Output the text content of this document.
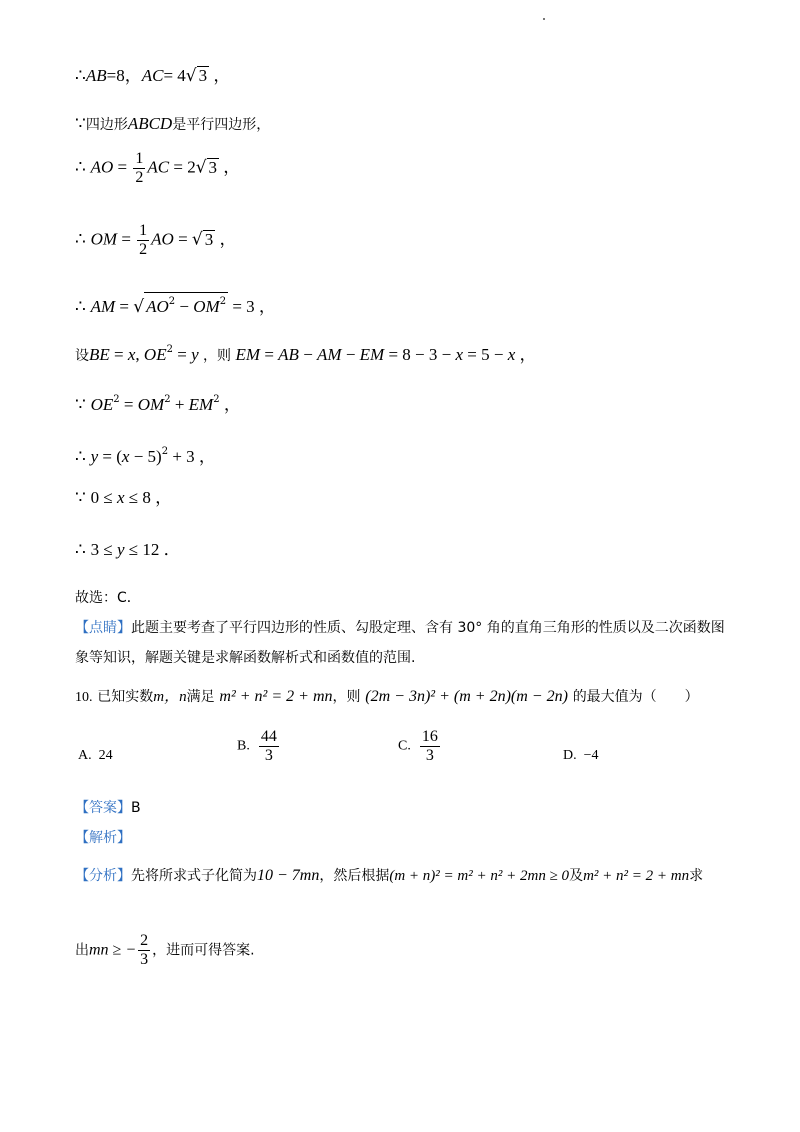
∴AB=8，AC= 4√ 3 ，
∵四边形ABCD是平行四边形，
∴ AO = $\frac{1}{2}$ AC = 2√ 3 ，
∴ OM = $\frac{1}{2}$ AO = √ 3 ，
∴ AM = √ $AO^2 - OM^2 = 3$ ，
设BE = x, $OE^2 = y$ ，则 EM = AB − AM − EM = 8 − 3 − x = 5 − x ，
∵ $OE^2 = OM^2 + EM^2$ ，
∴ $y = (x - 5)^2 + 3$ ，
∵ 0 ≤ x ≤ 8 ，
∴ 3 ≤ y ≤ 12 ．
故选：C．
【点睛】此题主要考查了平行四边形的性质、勾股定理、含有 30° 角的直角三角形的性质以及二次函数图
象等知识，解题关键是求解函数解析式和函数值的范围.
10. 已知实数m，n满足 m² + n² = 2 + mn，则 (2m − 3n)² + (m + 2n)(m − 2n) 的最大值为（　　）
A. 24
B. $\frac{44}{3}$	C. $\frac{16}{3}$	D. −4
【答案】B
【解析】
【分析】先将所求式子化简为10 − 7mn，然后根据(m + n)² = m² + n² + 2mn ≥ 0及m² + n² = 2 + mn求
出mn ≥ − $\frac{2}{3}$ ，进而可得答案.
